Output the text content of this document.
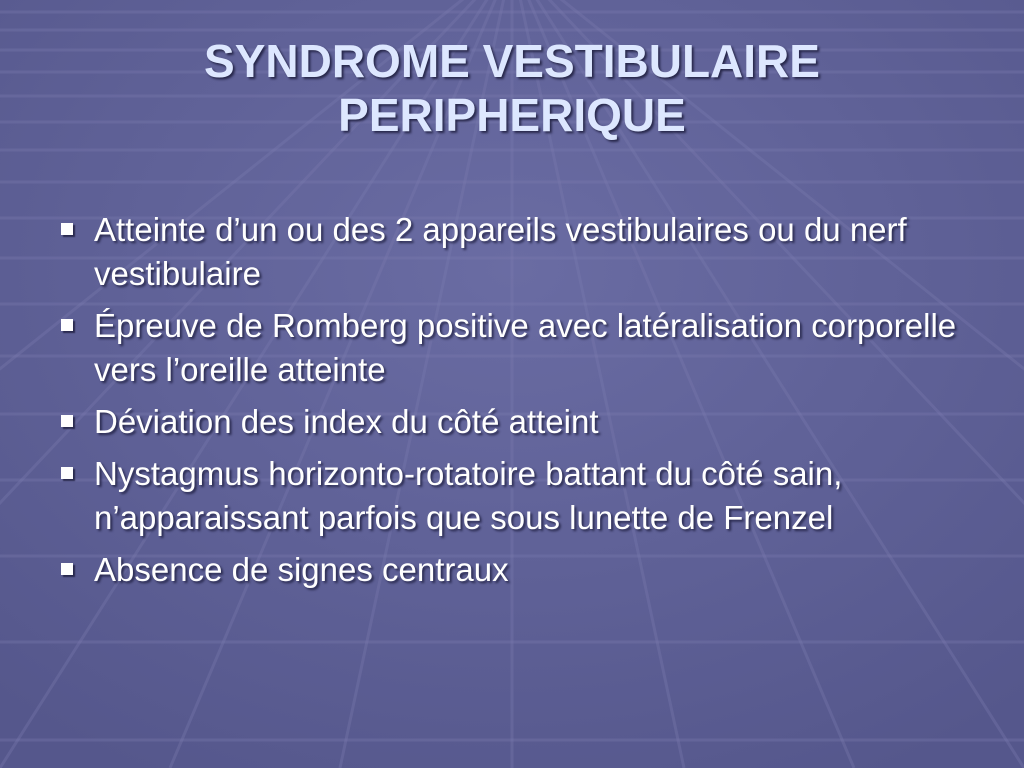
SYNDROME VESTIBULAIRE
PERIPHERIQUE
Atteinte d’un ou des 2 appareils vestibulaires ou du nerf vestibulaire
Épreuve de Romberg positive avec latéralisation corporelle vers l’oreille atteinte
Déviation des index du côté atteint
Nystagmus horizonto-rotatoire battant du côté sain, n’apparaissant parfois que sous lunette de Frenzel
Absence de signes centraux
